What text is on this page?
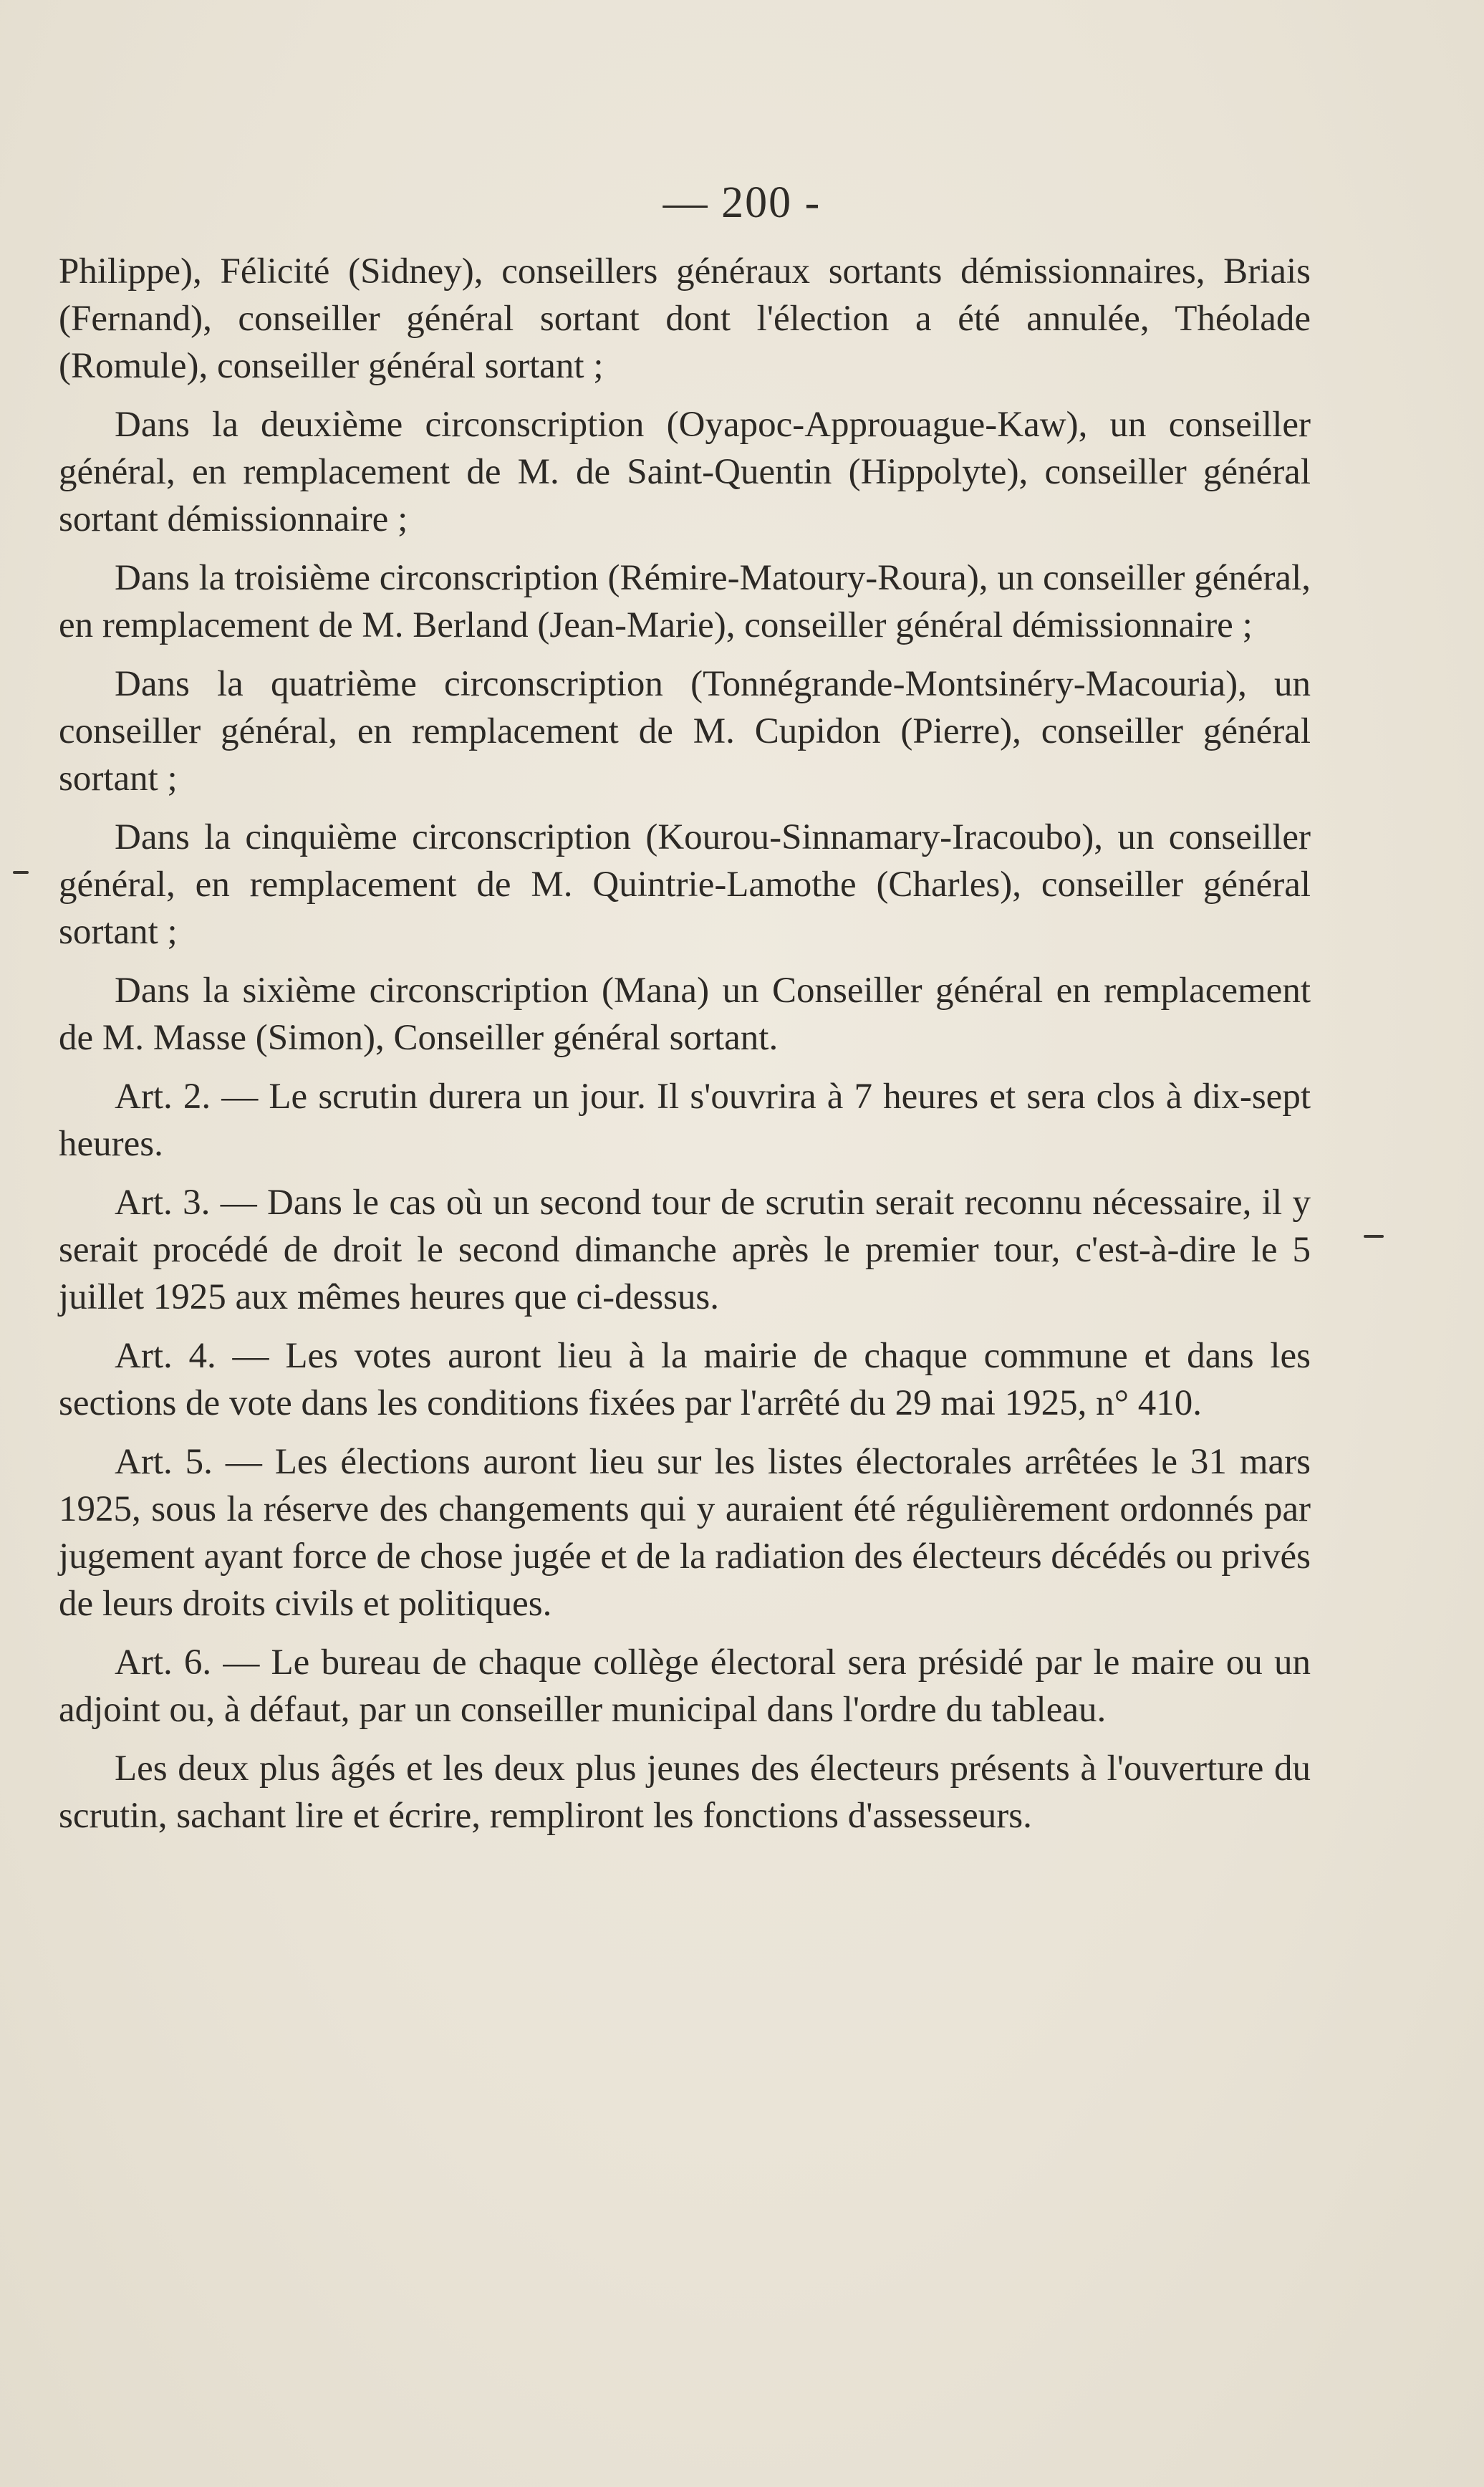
— 200 -

Philippe), Félicité (Sidney), conseillers généraux sortants démissionnaires, Briais (Fernand), conseiller général sortant dont l'élection a été annulée, Théolade (Romule), conseiller général sortant ;

Dans la deuxième circonscription (Oyapoc-Approuague-Kaw), un conseiller général, en remplacement de M. de Saint-Quentin (Hippolyte), conseiller général sortant démissionnaire ;

Dans la troisième circonscription (Rémire-Matoury-Roura), un conseiller général, en remplacement de M. Berland (Jean-Marie), conseiller général démissionnaire ;

Dans la quatrième circonscription (Tonnégrande-Montsinéry-Macouria), un conseiller général, en remplacement de M. Cupidon (Pierre), conseiller général sortant ;

Dans la cinquième circonscription (Kourou-Sinnamary-Iracoubo), un conseiller général, en remplacement de M. Quintrie-Lamothe (Charles), conseiller général sortant ;

Dans la sixième circonscription (Mana) un Conseiller général en remplacement de M. Masse (Simon), Conseiller général sortant.

Art. 2. — Le scrutin durera un jour. Il s'ouvrira à 7 heures et sera clos à dix-sept heures.

Art. 3. — Dans le cas où un second tour de scrutin serait reconnu nécessaire, il y serait procédé de droit le second dimanche après le premier tour, c'est-à-dire le 5 juillet 1925 aux mêmes heures que ci-dessus.

Art. 4. — Les votes auront lieu à la mairie de chaque commune et dans les sections de vote dans les conditions fixées par l'arrêté du 29 mai 1925, n° 410.

Art. 5. — Les élections auront lieu sur les listes électorales arrêtées le 31 mars 1925, sous la réserve des changements qui y auraient été régulièrement ordonnés par jugement ayant force de chose jugée et de la radiation des électeurs décédés ou privés de leurs droits civils et politiques.

Art. 6. — Le bureau de chaque collège électoral sera présidé par le maire ou un adjoint ou, à défaut, par un conseiller municipal dans l'ordre du tableau.

Les deux plus âgés et les deux plus jeunes des électeurs présents à l'ouverture du scrutin, sachant lire et écrire, rempliront les fonctions d'assesseurs.
